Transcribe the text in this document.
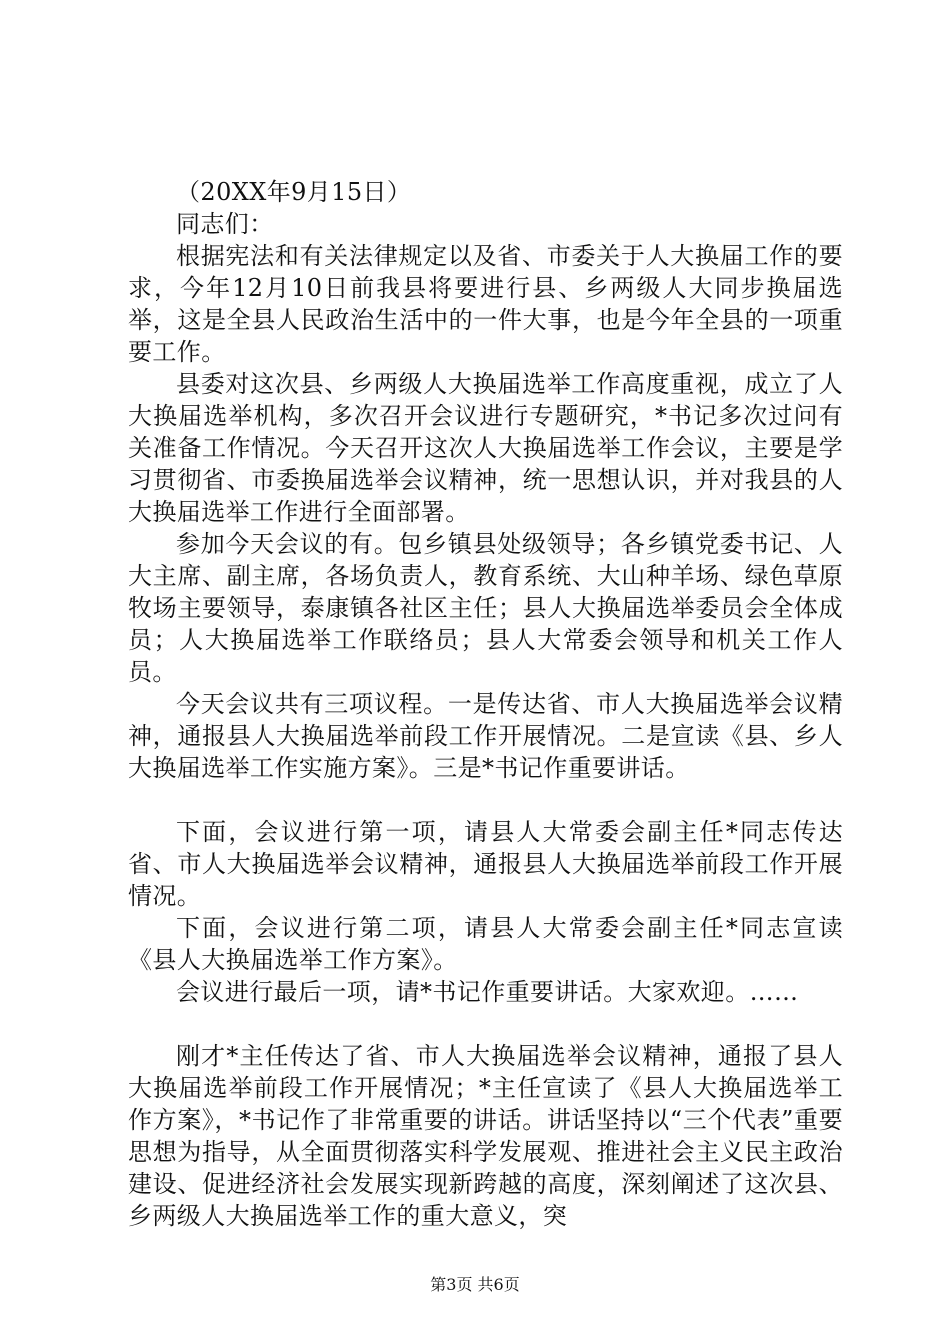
（20XX年9月15日）

同志们：

根据宪法和有关法律规定以及省、市委关于人大换届工作的要求，今年12月10日前我县将要进行县、乡两级人大同步换届选举，这是全县人民政治生活中的一件大事，也是今年全县的一项重要工作。

县委对这次县、乡两级人大换届选举工作高度重视，成立了人大换届选举机构，多次召开会议进行专题研究，*书记多次过问有关准备工作情况。今天召开这次人大换届选举工作会议，主要是学习贯彻省、市委换届选举会议精神，统一思想认识，并对我县的人大换届选举工作进行全面部署。

参加今天会议的有。包乡镇县处级领导；各乡镇党委书记、人大主席、副主席，各场负责人，教育系统、大山种羊场、绿色草原牧场主要领导，泰康镇各社区主任；县人大换届选举委员会全体成员；人大换届选举工作联络员；县人大常委会领导和机关工作人员。

今天会议共有三项议程。一是传达省、市人大换届选举会议精神，通报县人大换届选举前段工作开展情况。二是宣读《县、乡人大换届选举工作实施方案》。三是*书记作重要讲话。

下面，会议进行第一项，请县人大常委会副主任*同志传达省、市人大换届选举会议精神，通报县人大换届选举前段工作开展情况。

下面，会议进行第二项，请县人大常委会副主任*同志宣读《县人大换届选举工作方案》。

会议进行最后一项，请*书记作重要讲话。大家欢迎。……

刚才*主任传达了省、市人大换届选举会议精神，通报了县人大换届选举前段工作开展情况；*主任宣读了《县人大换届选举工作方案》，*书记作了非常重要的讲话。讲话坚持以“三个代表”重要思想为指导，从全面贯彻落实科学发展观、推进社会主义民主政治建设、促进经济社会发展实现新跨越的高度，深刻阐述了这次县、乡两级人大换届选举工作的重大意义，突

第3页 共6页
